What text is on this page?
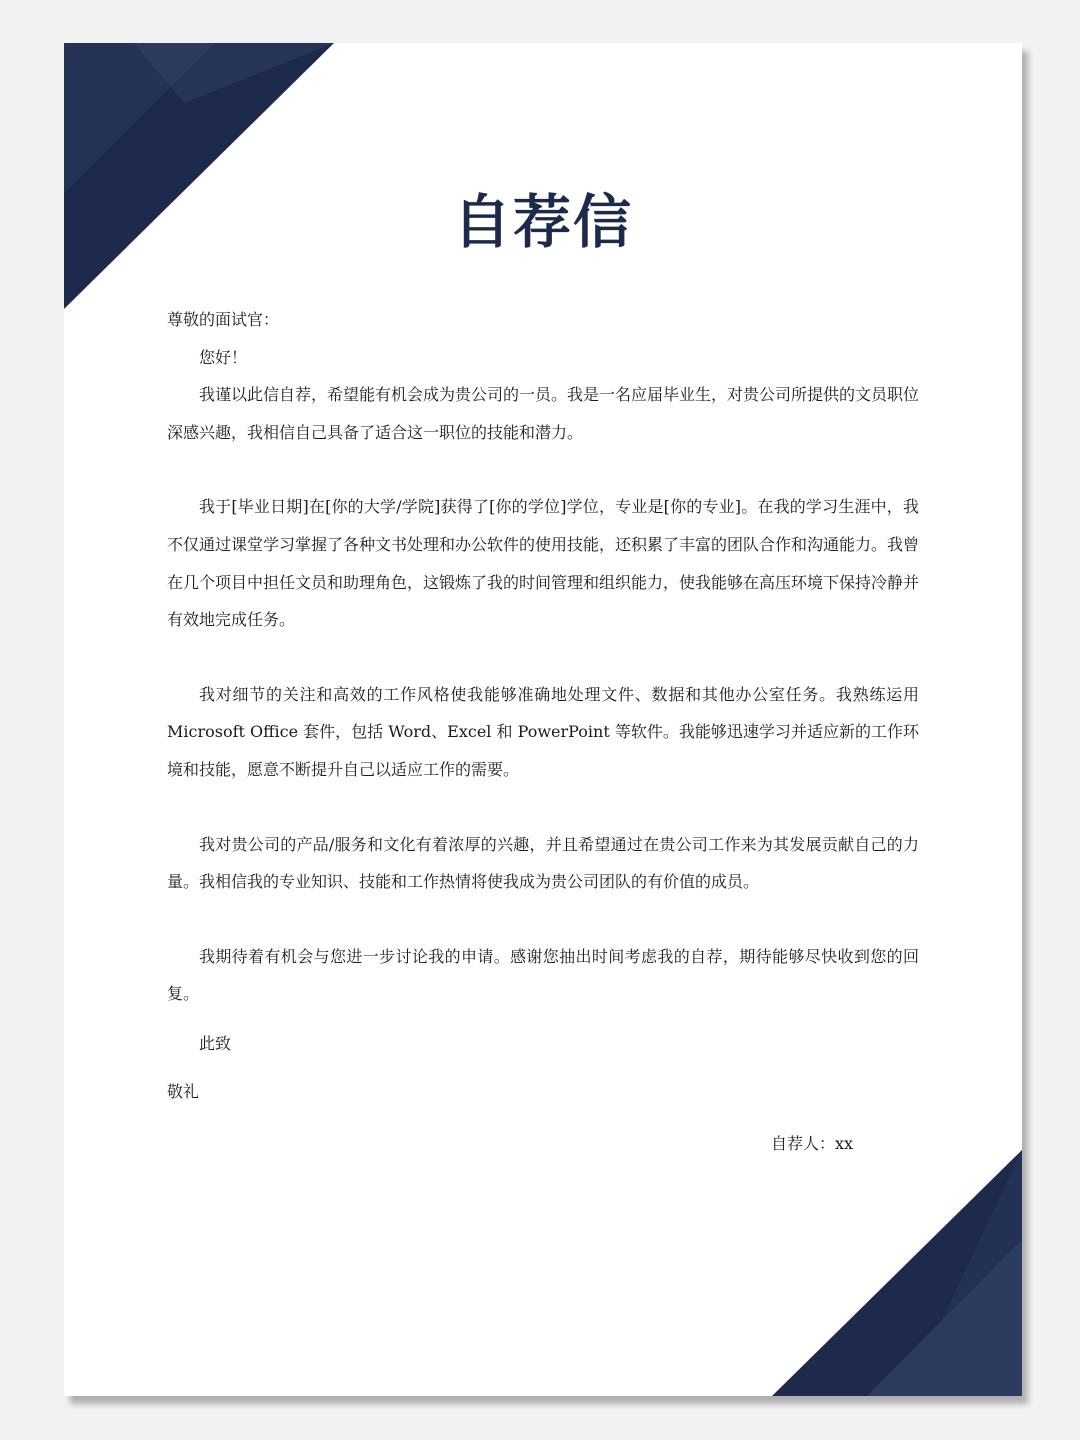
自荐信

尊敬的面试官：

您好！

我谨以此信自荐，希望能有机会成为贵公司的一员。我是一名应届毕业生，对贵公司所提供的文员职位深感兴趣，我相信自己具备了适合这一职位的技能和潜力。

我于[毕业日期]在[你的大学/学院]获得了[你的学位]学位，专业是[你的专业]。在我的学习生涯中，我不仅通过课堂学习掌握了各种文书处理和办公软件的使用技能，还积累了丰富的团队合作和沟通能力。我曾在几个项目中担任文员和助理角色，这锻炼了我的时间管理和组织能力，使我能够在高压环境下保持冷静并有效地完成任务。

我对细节的关注和高效的工作风格使我能够准确地处理文件、数据和其他办公室任务。我熟练运用 Microsoft Office 套件，包括 Word、Excel 和 PowerPoint 等软件。我能够迅速学习并适应新的工作环境和技能，愿意不断提升自己以适应工作的需要。

我对贵公司的产品/服务和文化有着浓厚的兴趣，并且希望通过在贵公司工作来为其发展贡献自己的力量。我相信我的专业知识、技能和工作热情将使我成为贵公司团队的有价值的成员。

我期待着有机会与您进一步讨论我的申请。感谢您抽出时间考虑我的自荐，期待能够尽快收到您的回复。

此致

敬礼

自荐人：xx
